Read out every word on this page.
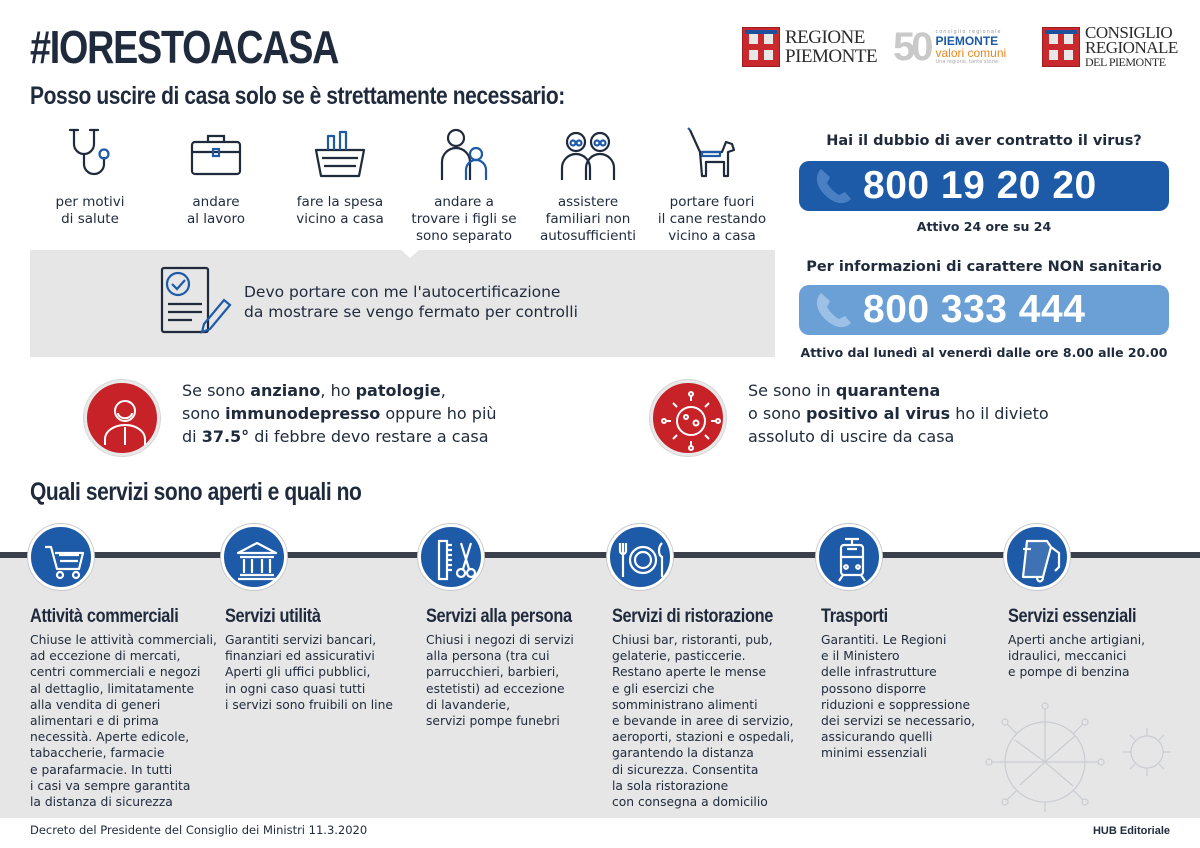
#IORESTOACASA
Posso uscire di casa solo se è strettamente necessario:
REGIONE
PIEMONTE 50 consiglio regionale
PIEMONTE
valori comuni
Una regione, tante storie
CONSIGLIO
REGIONALE
DEL PIEMONTE
per motivi
di salute
andare
al lavoro
fare la spesa
vicino a casa
andare a
trovare i figli se
sono separato
assistere
familiari non
autosufficienti
portare fuori
il cane restando
vicino a casa
Devo portare con me l'autocertificazione
da mostrare se vengo fermato per controlli
Hai il dubbio di aver contratto il virus?
800 19 20 20
Attivo 24 ore su 24
Per informazioni di carattere NON sanitario
800 333 444
Attivo dal lunedì al venerdì dalle ore 8.00 alle 20.00
Se sono anziano, ho patologie,
sono immunodepresso oppure ho più
di 37.5° di febbre devo restare a casa
Se sono in quarantena
o sono positivo al virus ho il divieto
assoluto di uscire da casa
Quali servizi sono aperti e quali no
Attività commerciali
Chiuse le attività commerciali,
ad eccezione di mercati,
centri commerciali e negozi
al dettaglio, limitatamente
alla vendita di generi
alimentari e di prima
necessità. Aperte edicole,
tabaccherie, farmacie
e parafarmacie. In tutti
i casi va sempre garantita
la distanza di sicurezza
Servizi utilità
Garantiti servizi bancari,
finanziari ed assicurativi
Aperti gli uffici pubblici,
in ogni caso quasi tutti
i servizi sono fruibili on line
Servizi alla persona
Chiusi i negozi di servizi
alla persona (tra cui
parrucchieri, barbieri,
estetisti) ad eccezione
di lavanderie,
servizi pompe funebri
Servizi di ristorazione
Chiusi bar, ristoranti, pub,
gelaterie, pasticcerie.
Restano aperte le mense
e gli esercizi che
somministrano alimenti
e bevande in aree di servizio,
aeroporti, stazioni e ospedali,
garantendo la distanza
di sicurezza. Consentita
la sola ristorazione
con consegna a domicilio
Trasporti
Garantiti. Le Regioni
e il Ministero
delle infrastrutture
possono disporre
riduzioni e soppressione
dei servizi se necessario,
assicurando quelli
minimi essenziali
Servizi essenziali
Aperti anche artigiani,
idraulici, meccanici
e pompe di benzina
Decreto del Presidente del Consiglio dei Ministri 11.3.2020	HUB Editoriale
